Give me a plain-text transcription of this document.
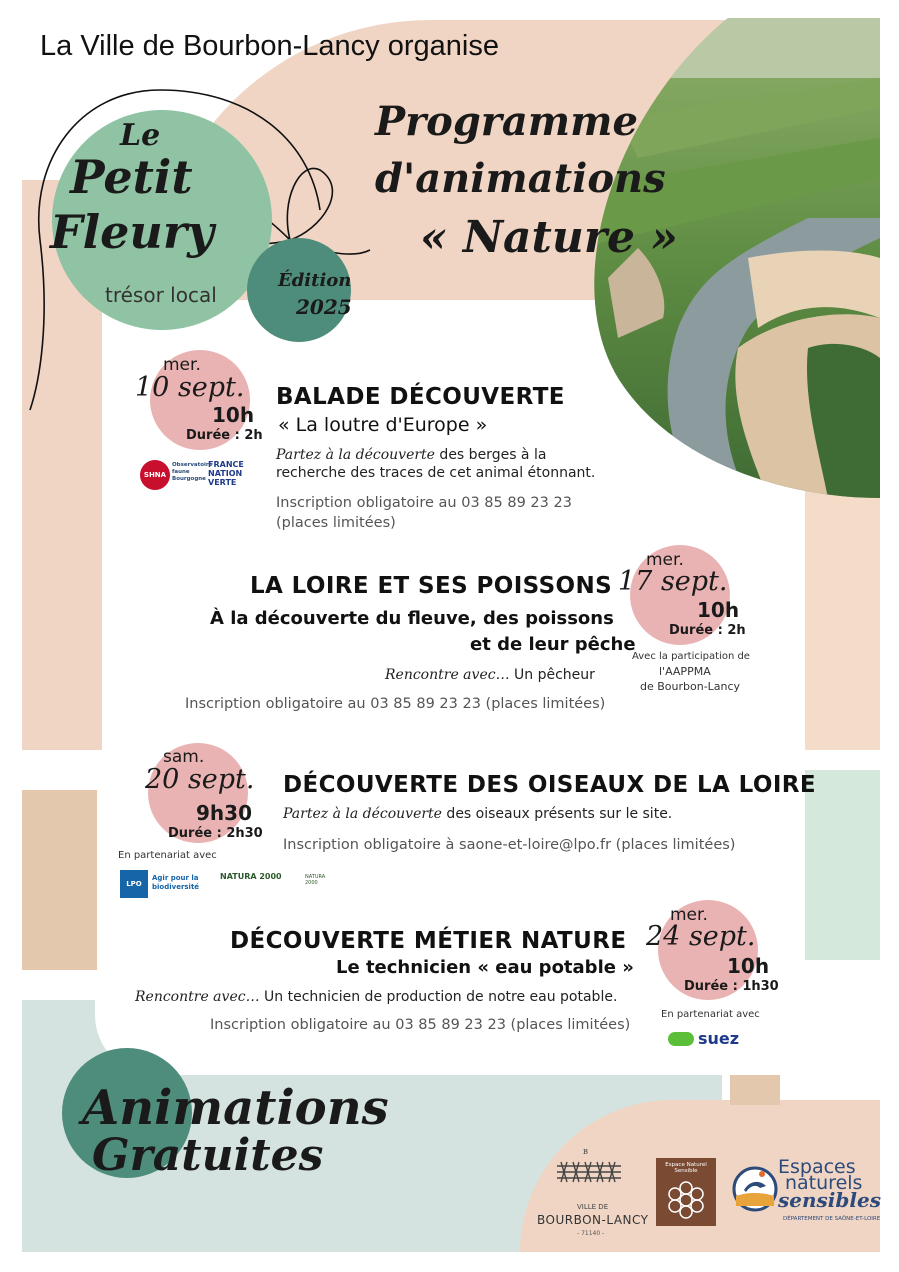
La Ville de Bourbon-Lancy organise
Le
Petit
Fleury
trésor local
Édition
2025
Programme
d'animations
« Nature »
mer.
10 sept.
10h
Durée : 2h
BALADE DÉCOUVERTE
« La loutre d'Europe »
Partez à la découverte des berges à la recherche des traces de cet animal étonnant.
Inscription obligatoire au 03 85 89 23 23
(places limitées)
SHNA
Observatoire faune Bourgogne
FRANCE NATION VERTE
mer.
17 sept.
10h
Durée : 2h
LA LOIRE ET SES POISSONS
À la découverte du fleuve, des poissons
et de leur pêche
Rencontre avec… Un pêcheur
Inscription obligatoire au 03 85 89 23 23 (places limitées)
Avec la participation de
l'AAPPMA
de Bourbon-Lancy
sam.
20 sept.
9h30
Durée : 2h30
DÉCOUVERTE DES OISEAUX DE LA LOIRE
Partez à la découverte des oiseaux présents sur le site.
Inscription obligatoire à saone-et-loire@lpo.fr (places limitées)
En partenariat avec
LPO
Agir pour la biodiversité
NATURA 2000	NATURA 2000
mer.
24 sept.
10h
Durée : 1h30
DÉCOUVERTE MÉTIER NATURE
Le technicien « eau potable »
Rencontre avec… Un technicien de production de notre eau potable.
Inscription obligatoire au 03 85 89 23 23 (places limitées)
En partenariat avec
suez
Animations
Gratuites	ʙ
VILLE DE
BOURBON-LANCY
- 71140 -
Espace Naturel Sensible	Espaces
naturels
sensibles
DÉPARTEMENT DE SAÔNE-ET-LOIRE
